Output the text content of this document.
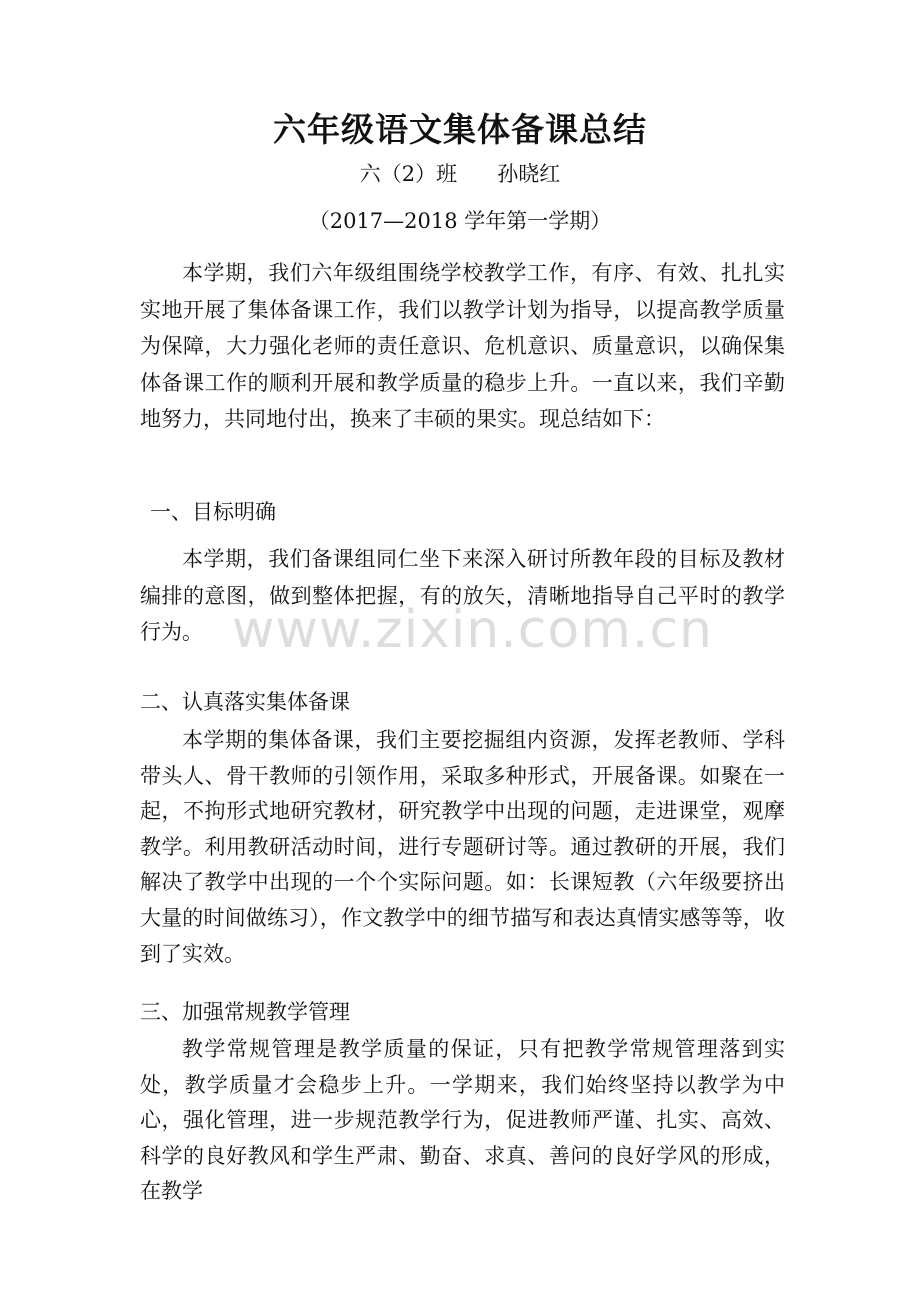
六年级语文集体备课总结
六（2）班      孙晓红
（2017—2018 学年第一学期）
本学期，我们六年级组围绕学校教学工作，有序、有效、扎扎实实地开展了集体备课工作，我们以教学计划为指导，以提高教学质量为保障，大力强化老师的责任意识、危机意识、质量意识，以确保集体备课工作的顺利开展和教学质量的稳步上升。一直以来，我们辛勤地努力，共同地付出，换来了丰硕的果实。现总结如下：
一、目标明确
本学期，我们备课组同仁坐下来深入研讨所教年段的目标及教材编排的意图，做到整体把握，有的放矢，清晰地指导自己平时的教学行为。
二、认真落实集体备课
本学期的集体备课，我们主要挖掘组内资源，发挥老教师、学科带头人、骨干教师的引领作用，采取多种形式，开展备课。如聚在一起，不拘形式地研究教材，研究教学中出现的问题，走进课堂，观摩教学。利用教研活动时间，进行专题研讨等。通过教研的开展，我们解决了教学中出现的一个个实际问题。如：长课短教（六年级要挤出大量的时间做练习），作文教学中的细节描写和表达真情实感等等，收到了实效。
三、加强常规教学管理
教学常规管理是教学质量的保证，只有把教学常规管理落到实处，教学质量才会稳步上升。一学期来，我们始终坚持以教学为中心，强化管理，进一步规范教学行为，促进教师严谨、扎实、高效、科学的良好教风和学生严肃、勤奋、求真、善问的良好学风的形成，在教学
www.zixin.com.cn
